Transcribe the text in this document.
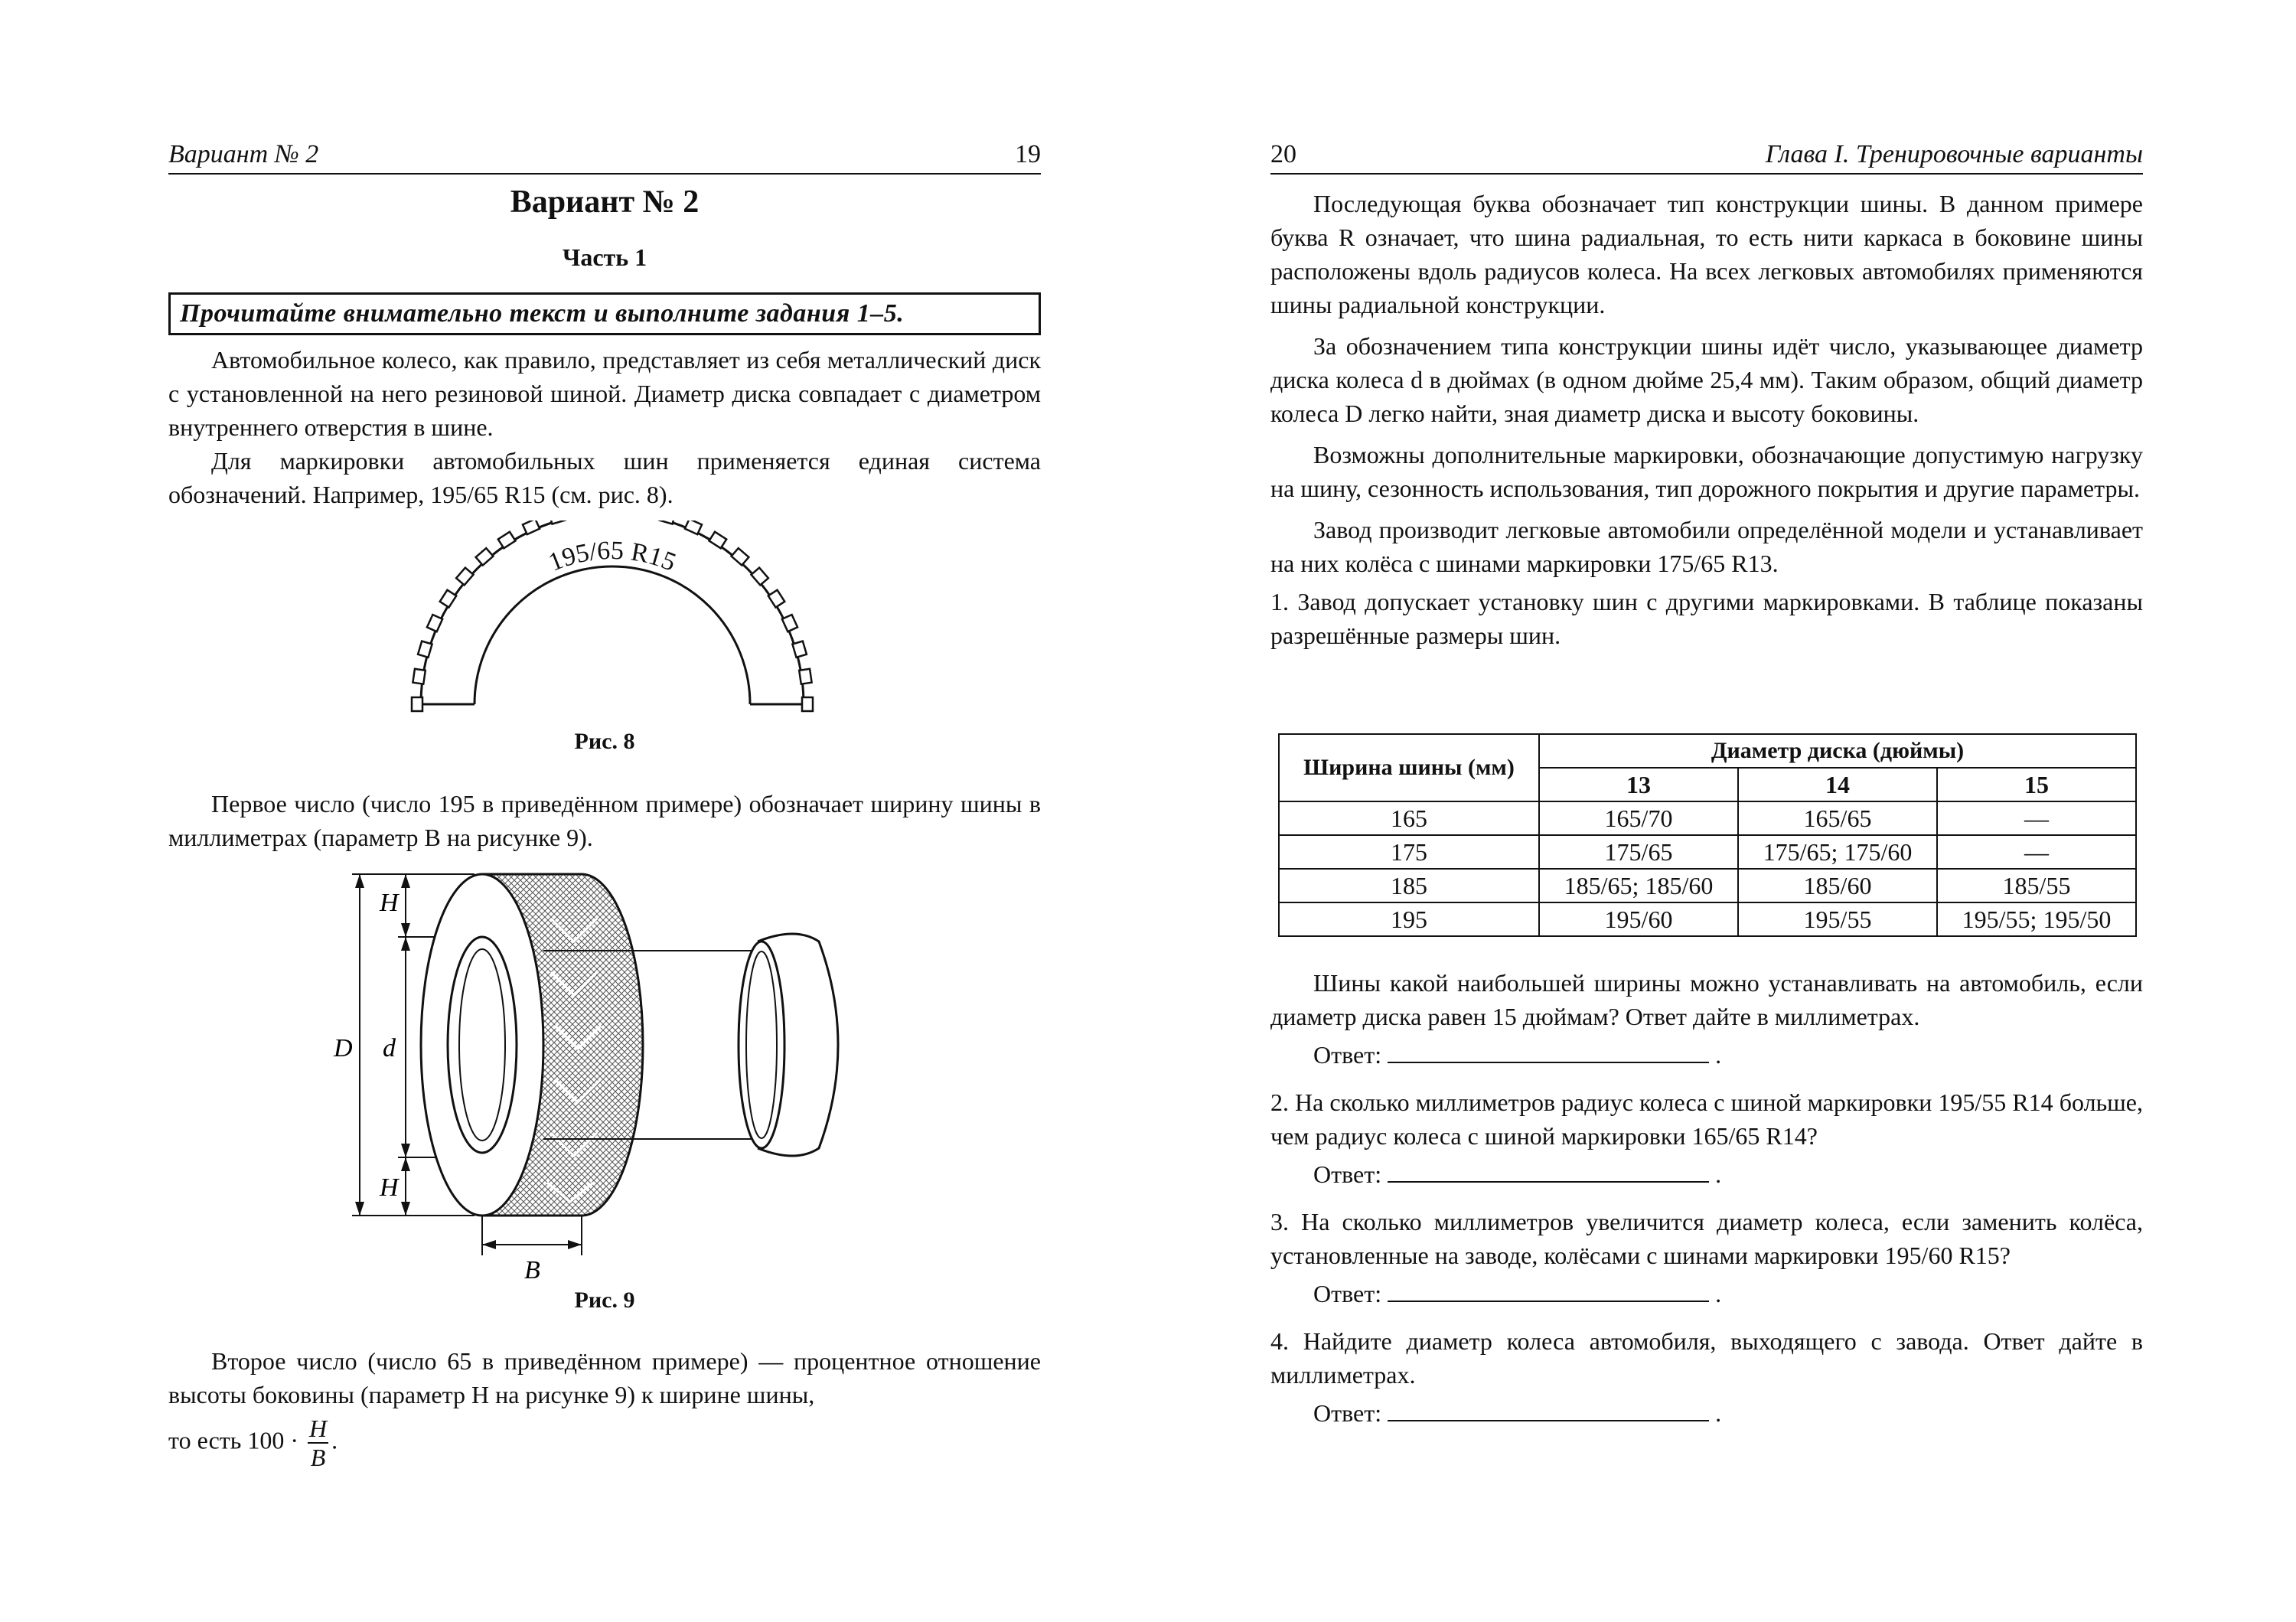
Вариант № 2	19
Вариант № 2
Часть 1
Прочитайте внимательно текст и выполните задания 1–5.

Автомобильное колесо, как правило, представляет из себя металлический диск с установленной на него резиновой шиной. Диаметр диска совпадает с диаметром внутреннего отверстия в шине.

Для маркировки автомобильных шин применяется единая система обозначений. Например, 195/65 R15 (см. рис. 8).

195/65 R15
Рис. 8

Первое число (число 195 в приведённом примере) обозначает ширину шины в миллиметрах (параметр B на рисунке 9).

D
H
d
H
B
Рис. 9

Второе число (число 65 в приведённом примере) — процентное отношение высоты боковины (параметр H на рисунке 9) к ширине шины,

то есть $100 \cdot \frac{H}{B}$ .

20	Глава I. Тренировочные варианты

Последующая буква обозначает тип конструкции шины. В данном примере буква R означает, что шина радиальная, то есть нити каркаса в боковине шины расположены вдоль радиусов колеса. На всех легковых автомобилях применяются шины радиальной конструкции.

За обозначением типа конструкции шины идёт число, указывающее диаметр диска колеса d в дюймах (в одном дюйме 25,4 мм). Таким образом, общий диаметр колеса D легко найти, зная диаметр диска и высоту боковины.

Возможны дополнительные маркировки, обозначающие допустимую нагрузку на шину, сезонность использования, тип дорожного покрытия и другие параметры.

Завод производит легковые автомобили определённой модели и устанавливает на них колёса с шинами маркировки 175/65 R13.

1. Завод допускает установку шин с другими маркировками. В таблице показаны разрешённые размеры шин.

Ширина шины (мм)	Диаметр диска (дюймы)		
	13	14	15
165	165/70	165/65	—
175	175/65	175/65; 175/60	—
185	185/65; 185/60	185/60	185/55
195	195/60	195/55	195/55; 195/50

Шины какой наибольшей ширины можно устанавливать на автомобиль, если диаметр диска равен 15 дюймам? Ответ дайте в миллиметрах.

Ответ:	.

2. На сколько миллиметров радиус колеса с шиной маркировки 195/55 R14 больше, чем радиус колеса с шиной маркировки 165/65 R14?

Ответ:	.

3. На сколько миллиметров увеличится диаметр колеса, если заменить колёса, установленные на заводе, колёсами с шинами маркировки 195/60 R15?

Ответ:	.

4. Найдите диаметр колеса автомобиля, выходящего с завода. Ответ дайте в миллиметрах.

Ответ:	.
